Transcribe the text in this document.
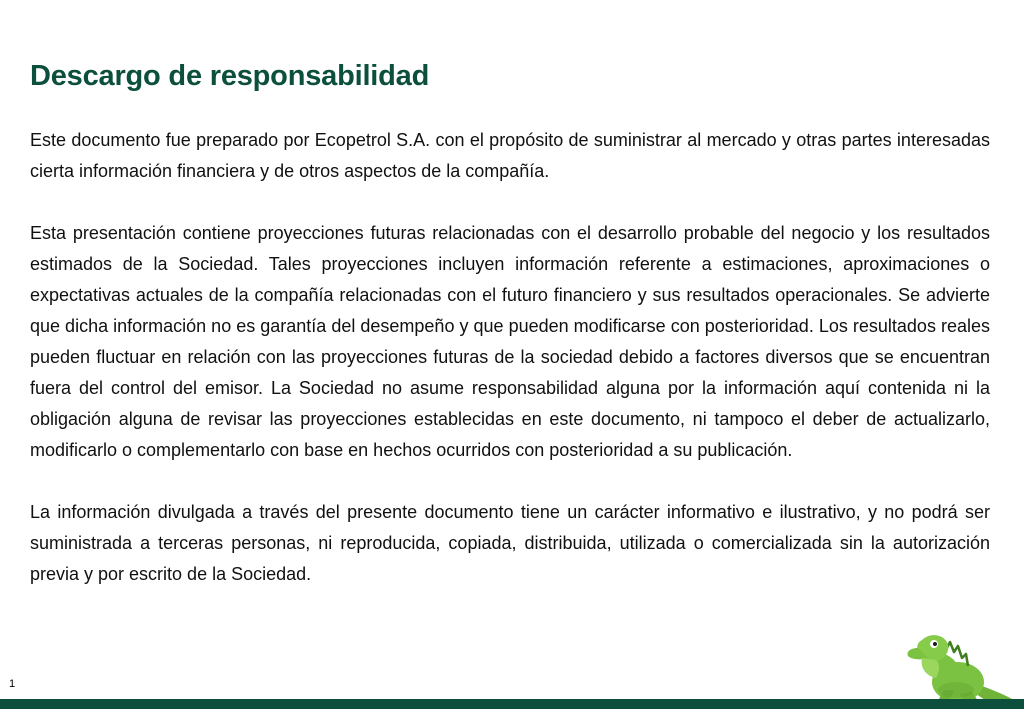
Descargo de responsabilidad

Este documento fue preparado por Ecopetrol S.A. con el propósito de suministrar al mercado y otras partes interesadas cierta información financiera y de otros aspectos de la compañía.

Esta presentación contiene proyecciones futuras relacionadas con el desarrollo probable del negocio y los resultados estimados de la Sociedad. Tales proyecciones incluyen información referente a estimaciones, aproximaciones o expectativas actuales de la compañía relacionadas con el futuro financiero y sus resultados operacionales. Se advierte que dicha información no es garantía del desempeño y que pueden modificarse con posterioridad. Los resultados reales pueden fluctuar en relación con las proyecciones futuras de la sociedad debido a factores diversos que se encuentran fuera del control del emisor. La Sociedad no asume responsabilidad alguna por la información aquí contenida ni la obligación alguna de revisar las proyecciones establecidas en este documento, ni tampoco el deber de actualizarlo, modificarlo o complementarlo con base en hechos ocurridos con posterioridad a su publicación.

La información divulgada a través del presente documento tiene un carácter informativo e ilustrativo, y no podrá ser suministrada a terceras personas, ni reproducida, copiada, distribuida, utilizada o comercializada sin la autorización previa y por escrito de la Sociedad.

1
